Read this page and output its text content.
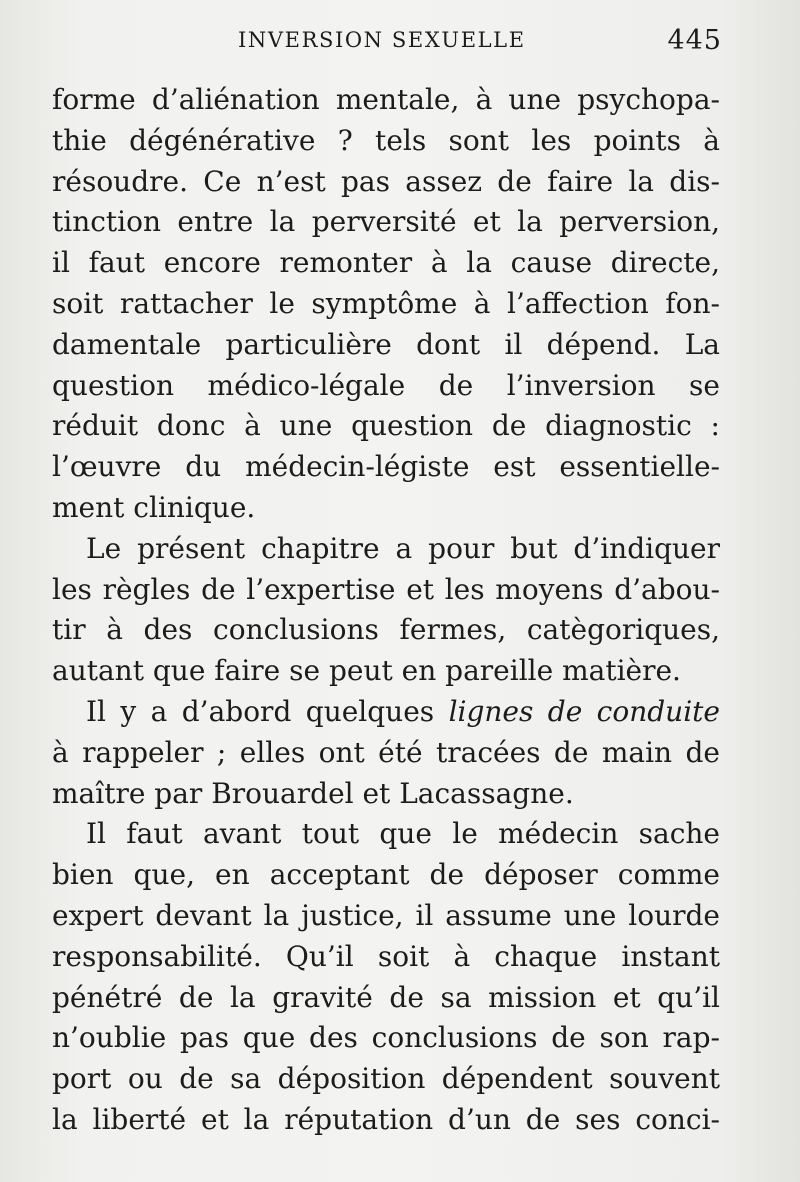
INVERSION SEXUELLE	445

forme d’aliénation mentale, à une psychopa-
thie dégénérative ? tels sont les points à
résoudre. Ce n’est pas assez de faire la dis-
tinction entre la perversité et la perversion,
il faut encore remonter à la cause directe,
soit rattacher le symptôme à l’affection fon-
damentale particulière dont il dépend. La
question médico-légale de l’inversion se
réduit donc à une question de diagnostic :
l’œuvre du médecin-légiste est essentielle-
ment clinique.

Le présent chapitre a pour but d’indiquer
les règles de l’expertise et les moyens d’abou-
tir à des conclusions fermes, catègoriques,
autant que faire se peut en pareille matière.

Il y a d’abord quelques lignes de conduite
à rappeler ; elles ont été tracées de main de
maître par Brouardel et Lacassagne.

Il faut avant tout que le médecin sache
bien que, en acceptant de déposer comme
expert devant la justice, il assume une lourde
responsabilité. Qu’il soit à chaque instant
pénétré de la gravité de sa mission et qu’il
n’oublie pas que des conclusions de son rap-
port ou de sa déposition dépendent souvent
la liberté et la réputation d’un de ses conci-
